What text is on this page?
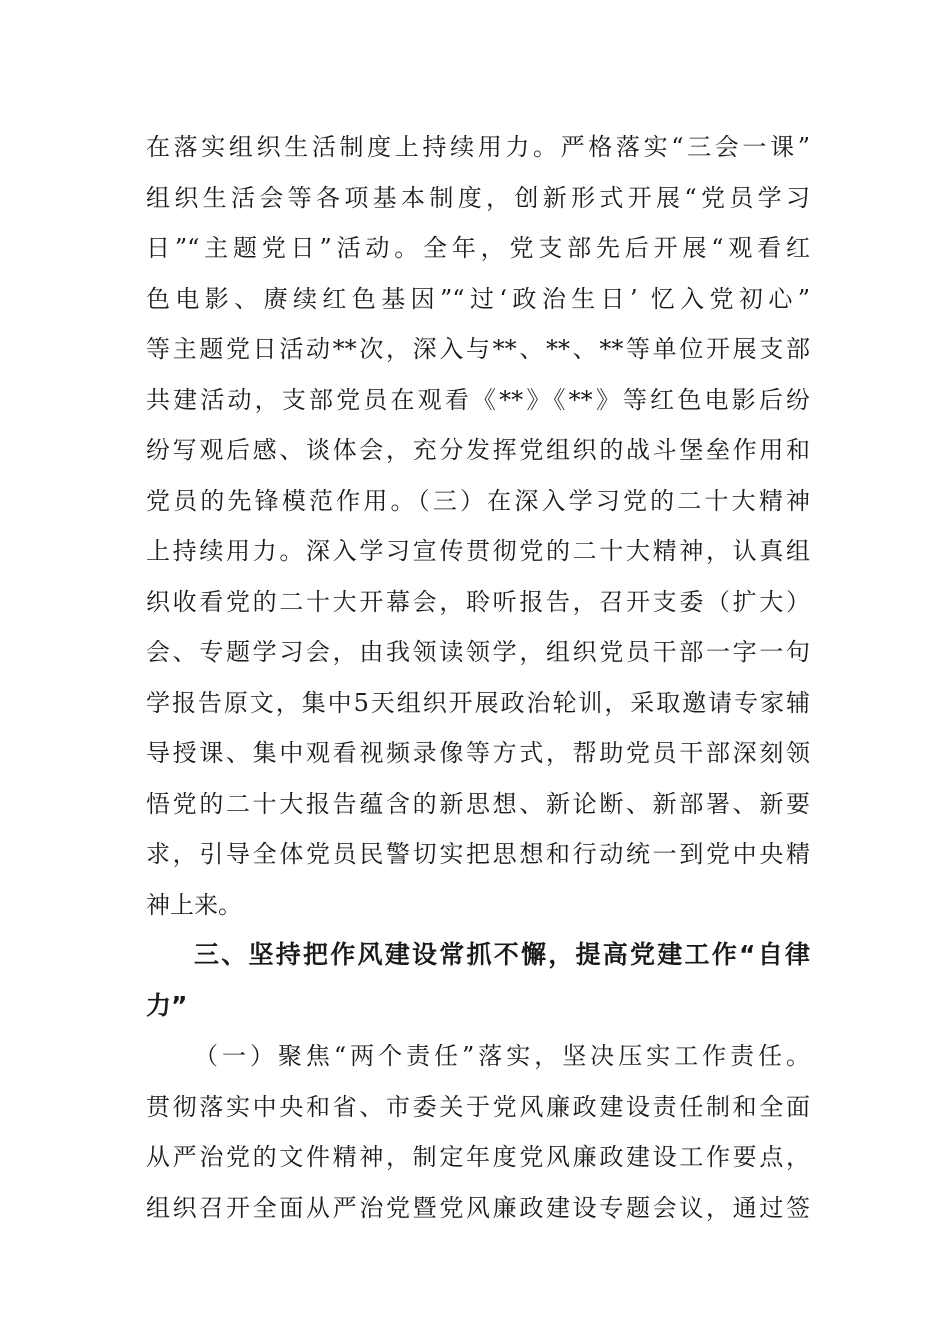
在落实组织生活制度上持续用力。严格落实“三会一课”
组织生活会等各项基本制度，创新形式开展“党员学习
日”“主题党日”活动。全年，党支部先后开展“观看红
色电影、赓续红色基因”“过‘政治生日’ 忆入党初心”
等主题党日活动**次，深入与**、**、**等单位开展支部
共建活动，支部党员在观看《**》《**》等红色电影后纷
纷写观后感、谈体会，充分发挥党组织的战斗堡垒作用和
党员的先锋模范作用。（三）在深入学习党的二十大精神
上持续用力。深入学习宣传贯彻党的二十大精神，认真组
织收看党的二十大开幕会，聆听报告，召开支委（扩大）
会、专题学习会，由我领读领学，组织党员干部一字一句
学报告原文，集中5天组织开展政治轮训，采取邀请专家辅
导授课、集中观看视频录像等方式，帮助党员干部深刻领
悟党的二十大报告蕴含的新思想、新论断、新部署、新要
求，引导全体党员民警切实把思想和行动统一到党中央精
神上来。
三、坚持把作风建设常抓不懈，提高党建工作“自律
力”
（一）聚焦“两个责任”落实，坚决压实工作责任。
贯彻落实中央和省、市委关于党风廉政建设责任制和全面
从严治党的文件精神，制定年度党风廉政建设工作要点，
组织召开全面从严治党暨党风廉政建设专题会议，通过签
